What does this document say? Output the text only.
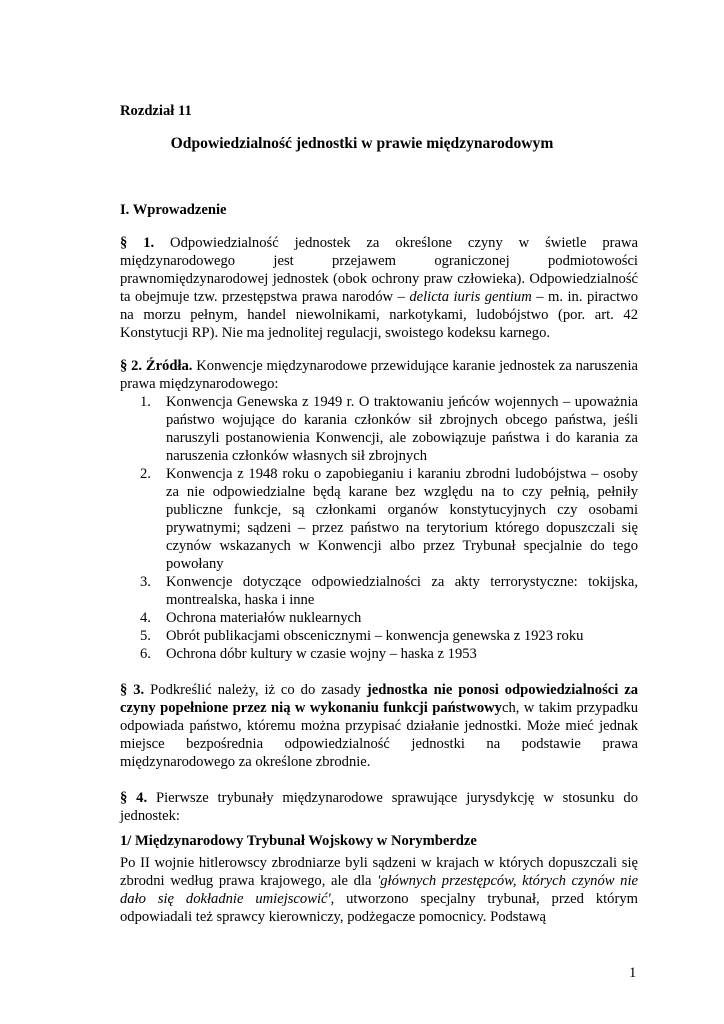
Rozdział 11
Odpowiedzialność jednostki w prawie międzynarodowym
I. Wprowadzenie
§ 1. Odpowiedzialność jednostek za określone czyny w świetle prawa międzynarodowego jest przejawem ograniczonej podmiotowości prawnomiędzynarodowej jednostek (obok ochrony praw człowieka). Odpowiedzialność ta obejmuje tzw. przestępstwa prawa narodów – delicta iuris gentium – m. in. piractwo na morzu pełnym, handel niewolnikami, narkotykami, ludobójstwo (por. art. 42 Konstytucji RP). Nie ma jednolitej regulacji, swoistego kodeksu karnego.
§ 2. Źródła. Konwencje międzynarodowe przewidujące karanie jednostek za naruszenia prawa międzynarodowego:
1. Konwencja Genewska z 1949 r. O traktowaniu jeńców wojennych – upoważnia państwo wojujące do karania członków sił zbrojnych obcego państwa, jeśli naruszyli postanowienia Konwencji, ale zobowiązuje państwa i do karania za naruszenia członków własnych sił zbrojnych
2. Konwencja z 1948 roku o zapobieganiu i karaniu zbrodni ludobójstwa – osoby za nie odpowiedzialne będą karane bez względu na to czy pełnią, pełniły publiczne funkcje, są członkami organów konstytucyjnych czy osobami prywatnymi; sądzeni – przez państwo na terytorium którego dopuszczali się czynów wskazanych w Konwencji albo przez Trybunał specjalnie do tego powołany
3. Konwencje dotyczące odpowiedzialności za akty terrorystyczne: tokijska, montrealska, haska i inne
4. Ochrona materiałów nuklearnych
5. Obrót publikacjami obscenicznymi – konwencja genewska z 1923 roku
6. Ochrona dóbr kultury w czasie wojny – haska z 1953
§ 3. Podkreślić należy, iż co do zasady jednostka nie ponosi odpowiedzialności za czyny popełnione przez nią w wykonaniu funkcji państwowych, w takim przypadku odpowiada państwo, któremu można przypisać działanie jednostki. Może mieć jednak miejsce bezpośrednia odpowiedzialność jednostki na podstawie prawa międzynarodowego za określone zbrodnie.
§ 4. Pierwsze trybunały międzynarodowe sprawujące jurysdykcję w stosunku do jednostek:
1/ Międzynarodowy Trybunał Wojskowy w Norymberdze
Po II wojnie hitlerowscy zbrodniarze byli sądzeni w krajach w których dopuszczali się zbrodni według prawa krajowego, ale dla 'głównych przestępców, których czynów nie dało się dokładnie umiejscowić', utworzono specjalny trybunał, przed którym odpowiadali też sprawcy kierowniczy, podżegacze pomocnicy. Podstawą
1
